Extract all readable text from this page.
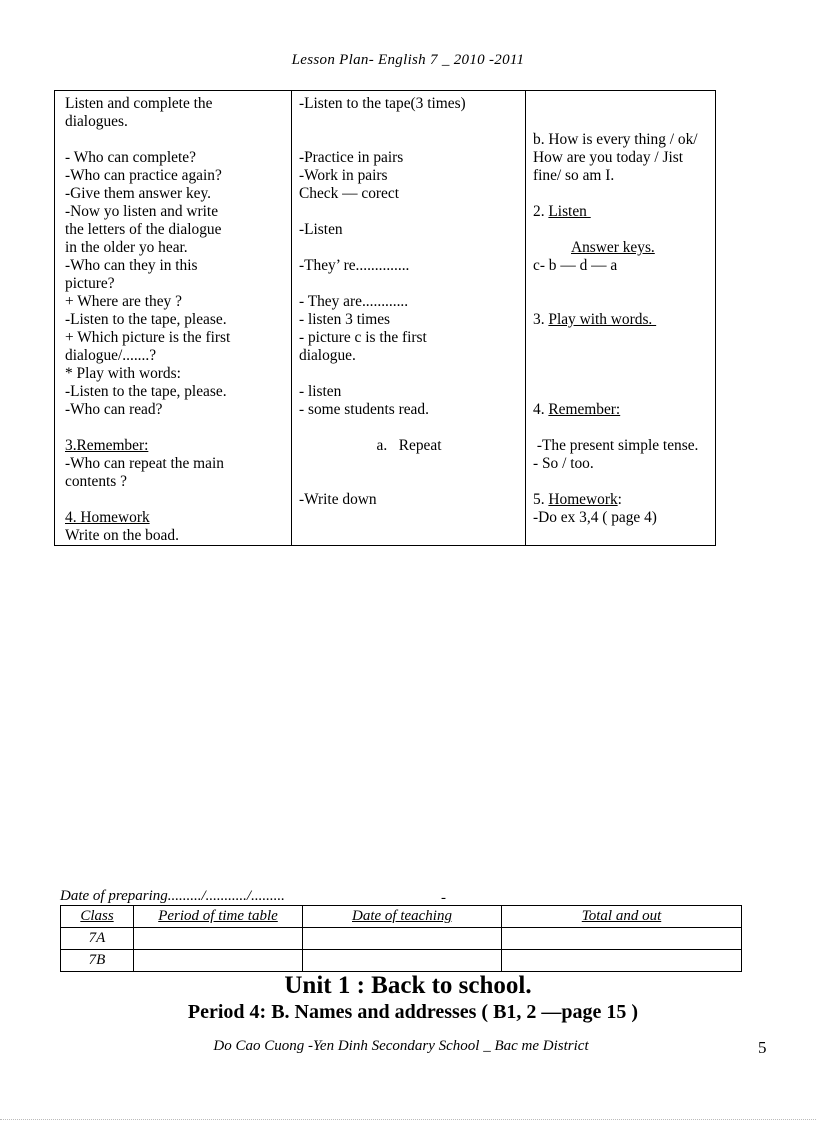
Lesson Plan- English 7 _ 2010 -2011
Listen and complete the
dialogues.
- Who can complete?
-Who can practice again?
-Give them answer key.
-Now yo listen and write
the letters of the dialogue
in the older yo hear.
-Who can they in this
picture?
+ Where are they ?
-Listen to the tape, please.
+ Which picture is the first
dialogue/.......?
* Play with words:
-Listen to the tape, please.
-Who can read?
3.Remember:
-Who can repeat the main
contents ?
4. Homework
Write on the boad.

-Listen to the tape(3 times)
-Practice in pairs
-Work in pairs
Check — corect
-Listen
-They’ re..............
- They are............
- listen 3 times
- picture c is the first
dialogue.
- listen
- some students read.
a.   Repeat
-Write down

b. How is every thing / ok/
How are you today / Jist
fine/ so am I.
2. Listen
Answer keys.
c- b — d — a
3. Play with words.
4. Remember:
-The present simple tense.
- So / too.
5. Homework:
-Do ex 3,4 ( page 4)
Date of preparing........./.........../.........	-
Class	Period of time table	Date of teaching	Total and out
7A			
7B			
Unit 1 : Back to school.
Period 4: B. Names and addresses ( B1, 2 —page 15 )
Do Cao Cuong -Yen Dinh Secondary School _ Bac me District	5
